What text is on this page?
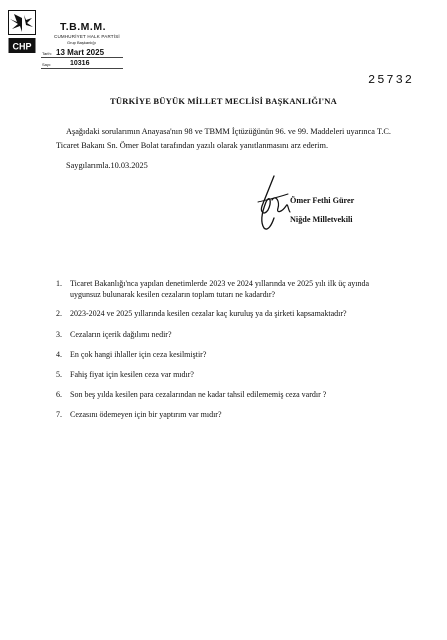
CHP
T.B.M.M.
CUMHURİYET HALK PARTİSİ
Grup Başkanlığı
Tarih: 13 Mart 2025
Sayı:	10316
25732
TÜRKİYE BÜYÜK MİLLET MECLİSİ BAŞKANLIĞI'NA
Aşağıdaki sorularımın Anayasa'nın 98 ve TBMM İçtüzüğünün 96. ve 99. Maddeleri uyarınca T.C. Ticaret Bakanı Sn. Ömer Bolat tarafından yazılı olarak yanıtlanmasını arz ederim.
Saygılarımla.10.03.2025
Ömer Fethi Gürer
Niğde Milletvekili
1. Ticaret Bakanlığı'nca yapılan denetimlerde 2023 ve 2024 yıllarında ve 2025 yılı ilk üç ayında uygunsuz bulunarak kesilen cezaların toplam tutarı ne kadardır?
2. 2023-2024 ve 2025 yıllarında kesilen cezalar kaç kuruluş ya da şirketi kapsamaktadır?
3. Cezaların içerik dağılımı nedir?
4. En çok hangi ihlaller için ceza kesilmiştir?
5. Fahiş fiyat için kesilen ceza var mıdır?
6. Son beş yılda kesilen para cezalarından ne kadar tahsil edilememiş ceza vardır ?
7. Cezasını ödemeyen için bir yaptırım var mıdır?
